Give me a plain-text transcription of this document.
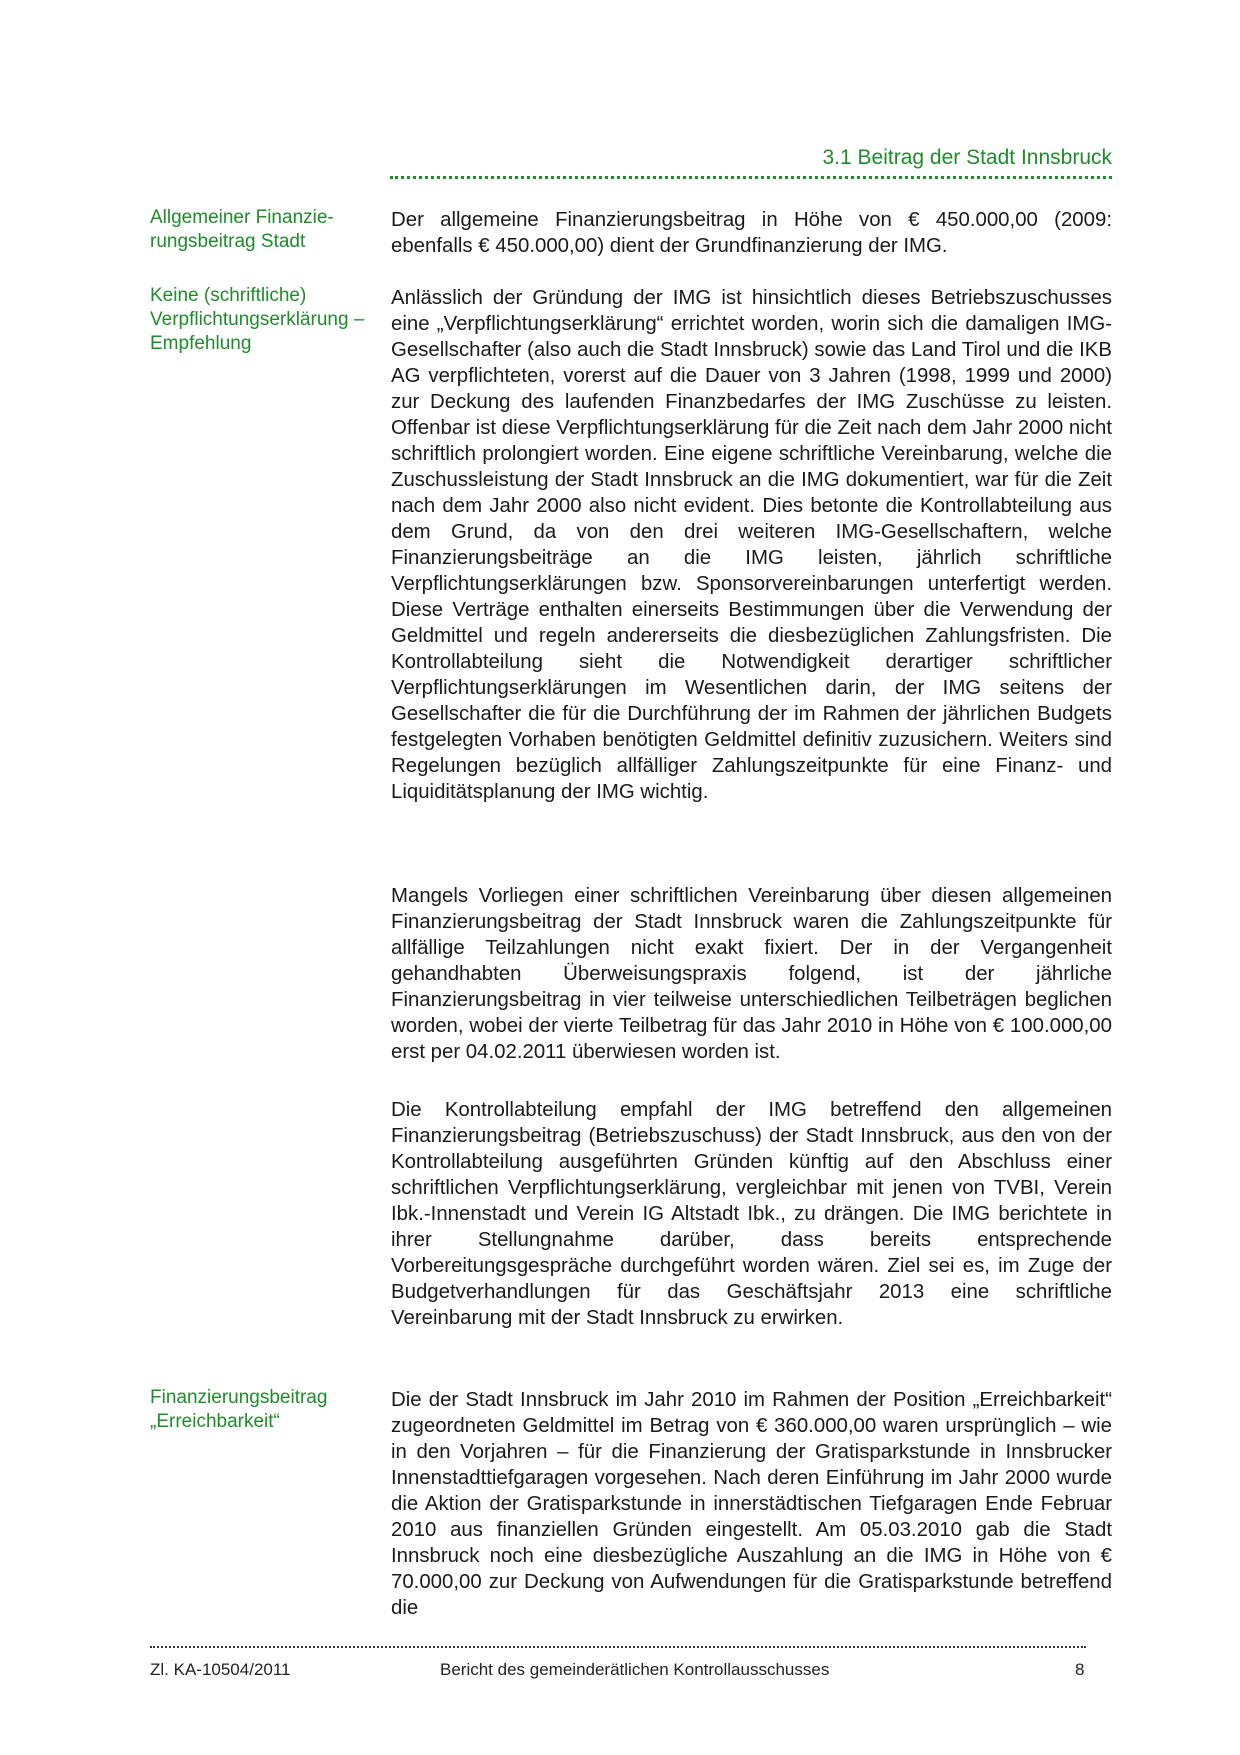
3.1 Beitrag der Stadt Innsbruck
Allgemeiner Finanzie-
rungsbeitrag Stadt
Keine (schriftliche) Verpflichtungserklärung – Empfehlung
Finanzierungsbeitrag „Erreichbarkeit“

Der allgemeine Finanzierungsbeitrag in Höhe von € 450.000,00 (2009: ebenfalls € 450.000,00) dient der Grundfinanzierung der IMG.

Anlässlich der Gründung der IMG ist hinsichtlich dieses Betriebszuschusses eine „Verpflichtungserklärung“ errichtet worden, worin sich die damaligen IMG-Gesellschafter (also auch die Stadt Innsbruck) sowie das Land Tirol und die IKB AG verpflichteten, vorerst auf die Dauer von 3 Jahren (1998, 1999 und 2000) zur Deckung des laufenden Finanzbedarfes der IMG Zuschüsse zu leisten. Offenbar ist diese Verpflichtungserklärung für die Zeit nach dem Jahr 2000 nicht schriftlich prolongiert worden. Eine eigene schriftliche Vereinbarung, welche die Zuschussleistung der Stadt Innsbruck an die IMG dokumentiert, war für die Zeit nach dem Jahr 2000 also nicht evident. Dies betonte die Kontrollabteilung aus dem Grund, da von den drei weiteren IMG-Gesellschaftern, welche Finanzierungsbeiträge an die IMG leisten, jährlich schriftliche Verpflichtungserklärungen bzw. Sponsorvereinbarungen unterfertigt werden. Diese Verträge enthalten einerseits Bestimmungen über die Verwendung der Geldmittel und regeln andererseits die diesbezüglichen Zahlungsfristen. Die Kontrollabteilung sieht die Notwendigkeit derartiger schriftlicher Verpflichtungserklärungen im Wesentlichen darin, der IMG seitens der Gesellschafter die für die Durchführung der im Rahmen der jährlichen Budgets festgelegten Vorhaben benötigten Geldmittel definitiv zuzusichern. Weiters sind Regelungen bezüglich allfälliger Zahlungszeitpunkte für eine Finanz- und Liquiditätsplanung der IMG wichtig.

Mangels Vorliegen einer schriftlichen Vereinbarung über diesen allgemeinen Finanzierungsbeitrag der Stadt Innsbruck waren die Zahlungszeitpunkte für allfällige Teilzahlungen nicht exakt fixiert. Der in der Vergangenheit gehandhabten Überweisungspraxis folgend, ist der jährliche Finanzierungsbeitrag in vier teilweise unterschiedlichen Teilbeträgen beglichen worden, wobei der vierte Teilbetrag für das Jahr 2010 in Höhe von € 100.000,00 erst per 04.02.2011 überwiesen worden ist.

Die Kontrollabteilung empfahl der IMG betreffend den allgemeinen Finanzierungsbeitrag (Betriebszuschuss) der Stadt Innsbruck, aus den von der Kontrollabteilung ausgeführten Gründen künftig auf den Abschluss einer schriftlichen Verpflichtungserklärung, vergleichbar mit jenen von TVBI, Verein Ibk.-Innenstadt und Verein IG Altstadt Ibk., zu drängen. Die IMG berichtete in ihrer Stellungnahme darüber, dass bereits entsprechende Vorbereitungsgespräche durchgeführt worden wären. Ziel sei es, im Zuge der Budgetverhandlungen für das Geschäftsjahr 2013 eine schriftliche Vereinbarung mit der Stadt Innsbruck zu erwirken.

Die der Stadt Innsbruck im Jahr 2010 im Rahmen der Position „Erreichbarkeit“ zugeordneten Geldmittel im Betrag von € 360.000,00 waren ursprünglich – wie in den Vorjahren – für die Finanzierung der Gratisparkstunde in Innsbrucker Innenstadttiefgaragen vorgesehen. Nach deren Einführung im Jahr 2000 wurde die Aktion der Gratisparkstunde in innerstädtischen Tiefgaragen Ende Februar 2010 aus finanziellen Gründen eingestellt. Am 05.03.2010 gab die Stadt Innsbruck noch eine diesbezügliche Auszahlung an die IMG in Höhe von € 70.000,00 zur Deckung von Aufwendungen für die Gratisparkstunde betreffend die

Zl. KA-10504/2011	Bericht des gemeinderätlichen Kontrollausschusses	8
